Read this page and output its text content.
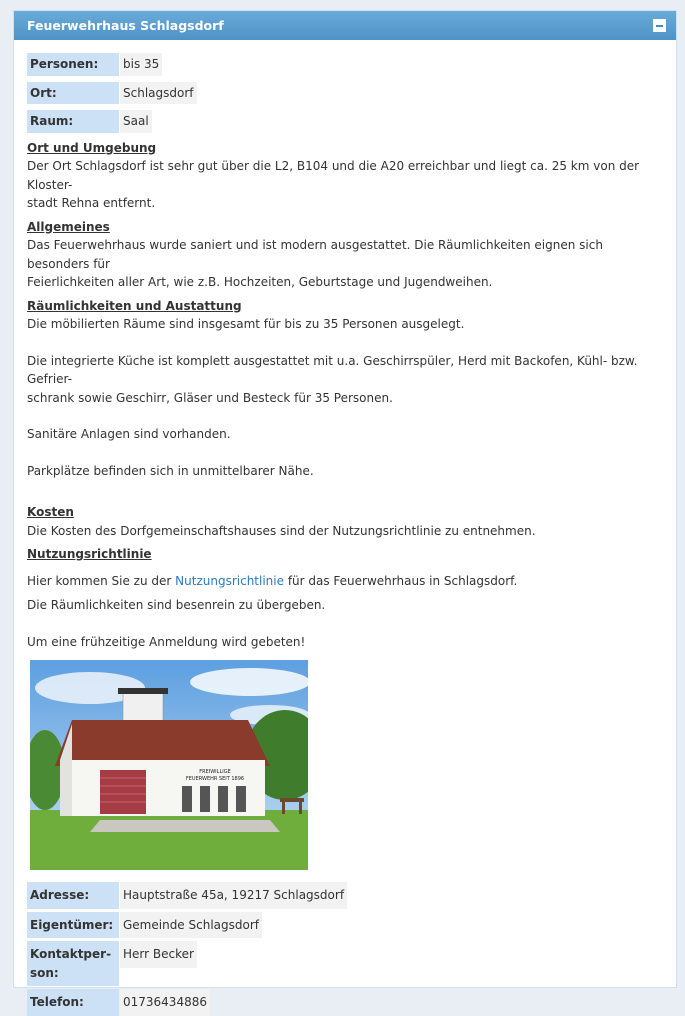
Feuerwehrhaus Schlagsdorf
Personen:	bis 35
Ort:	Schlagsdorf
Raum:	Saal
Ort und Umgebung

Der Ort Schlagsdorf ist sehr gut über die L2, B104 und die A20 erreichbar und liegt ca. 25 km von der Kloster-
stadt Rehna entfernt.

Allgemeines

Das Feuerwehrhaus wurde saniert und ist modern ausgestattet. Die Räumlichkeiten eignen sich besonders für
Feierlichkeiten aller Art, wie z.B. Hochzeiten, Geburtstage und Jugendweihen.

Räumlichkeiten und Austattung

Die möbilierten Räume sind insgesamt für bis zu 35 Personen ausgelegt.

Die integrierte Küche ist komplett ausgestattet mit u.a. Geschirrspüler, Herd mit Backofen, Kühl- bzw. Gefrier-
schrank sowie Geschirr, Gläser und Besteck für 35 Personen.

Sanitäre Anlagen sind vorhanden.

Parkplätze befinden sich in unmittelbarer Nähe.

Kosten

Die Kosten des Dorfgemeinschaftshauses sind der Nutzungsrichtlinie zu entnehmen.

Nutzungsrichtlinie

Hier kommen Sie zu der Nutzungsrichtlinie für das Feuerwehrhaus in Schlagsdorf.

Die Räumlichkeiten sind besenrein zu übergeben.

Um eine frühzeitige Anmeldung wird gebeten!

FREIWILLIGE
FEUERWEHR SEIT 1896
Adresse:	Hauptstraße 45a, 19217 Schlagsdorf
Eigentümer: Gemeinde Schlagsdorf
Kontaktper-
son:
Herr Becker
Telefon:	01736434886
